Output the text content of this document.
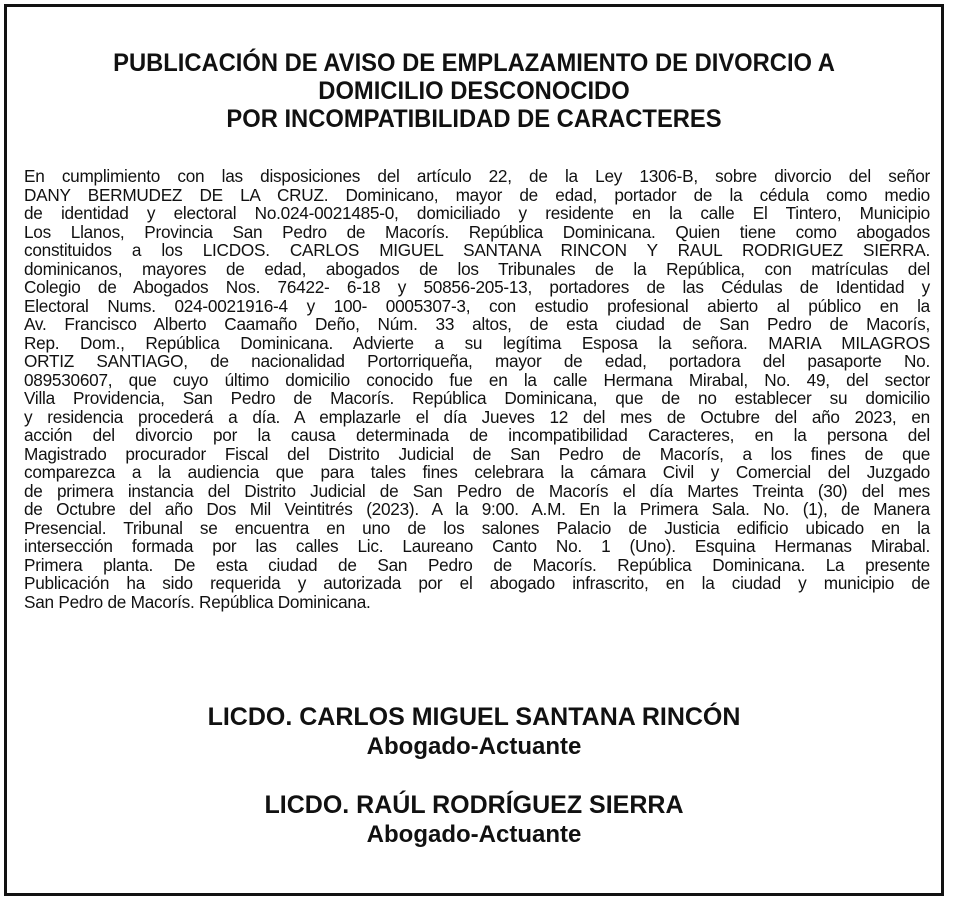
PUBLICACIÓN DE AVISO DE EMPLAZAMIENTO DE DIVORCIO A
DOMICILIO DESCONOCIDO
POR INCOMPATIBILIDAD DE CARACTERES
En cumplimiento con las disposiciones del artículo 22, de la Ley 1306-B, sobre divorcio del señor
DANY BERMUDEZ DE LA CRUZ. Dominicano, mayor de edad, portador de la cédula como medio
de identidad y electoral No.024-0021485-0, domiciliado y residente en la calle El Tintero, Municipio
Los Llanos, Provincia San Pedro de Macorís. República Dominicana. Quien tiene como abogados
constituidos a los LICDOS. CARLOS MIGUEL SANTANA RINCON Y RAUL RODRIGUEZ SIERRA.
dominicanos, mayores de edad, abogados de los Tribunales de la República, con matrículas del
Colegio de Abogados Nos. 76422- 6-18 y 50856-205-13, portadores de las Cédulas de Identidad y
Electoral Nums. 024-0021916-4 y 100- 0005307-3, con estudio profesional abierto al público en la
Av. Francisco Alberto Caamaño Deño, Núm. 33 altos, de esta ciudad de San Pedro de Macorís,
Rep. Dom., República Dominicana. Advierte a su legítima Esposa la señora. MARIA MILAGROS
ORTIZ SANTIAGO, de nacionalidad Portorriqueña, mayor de edad, portadora del pasaporte No.
089530607, que cuyo último domicilio conocido fue en la calle Hermana Mirabal, No. 49, del sector
Villa Providencia, San Pedro de Macorís. República Dominicana, que de no establecer su domicilio
y residencia procederá a día. A emplazarle el día Jueves 12 del mes de Octubre del año 2023, en
acción del divorcio por la causa determinada de incompatibilidad Caracteres, en la persona del
Magistrado procurador Fiscal del Distrito Judicial de San Pedro de Macorís, a los fines de que
comparezca a la audiencia que para tales fines celebrara la cámara Civil y Comercial del Juzgado
de primera instancia del Distrito Judicial de San Pedro de Macorís el día Martes Treinta (30) del mes
de Octubre del año Dos Mil Veintitrés (2023). A la 9:00. A.M. En la Primera Sala. No. (1), de Manera
Presencial. Tribunal se encuentra en uno de los salones Palacio de Justicia edificio ubicado en la
intersección formada por las calles Lic. Laureano Canto No. 1 (Uno). Esquina Hermanas Mirabal.
Primera planta. De esta ciudad de San Pedro de Macorís. República Dominicana. La presente
Publicación ha sido requerida y autorizada por el abogado infrascrito, en la ciudad y municipio de
San Pedro de Macorís. República Dominicana.
LICDO. CARLOS MIGUEL SANTANA RINCÓN
Abogado-Actuante
LICDO. RAÚL RODRÍGUEZ SIERRA
Abogado-Actuante
